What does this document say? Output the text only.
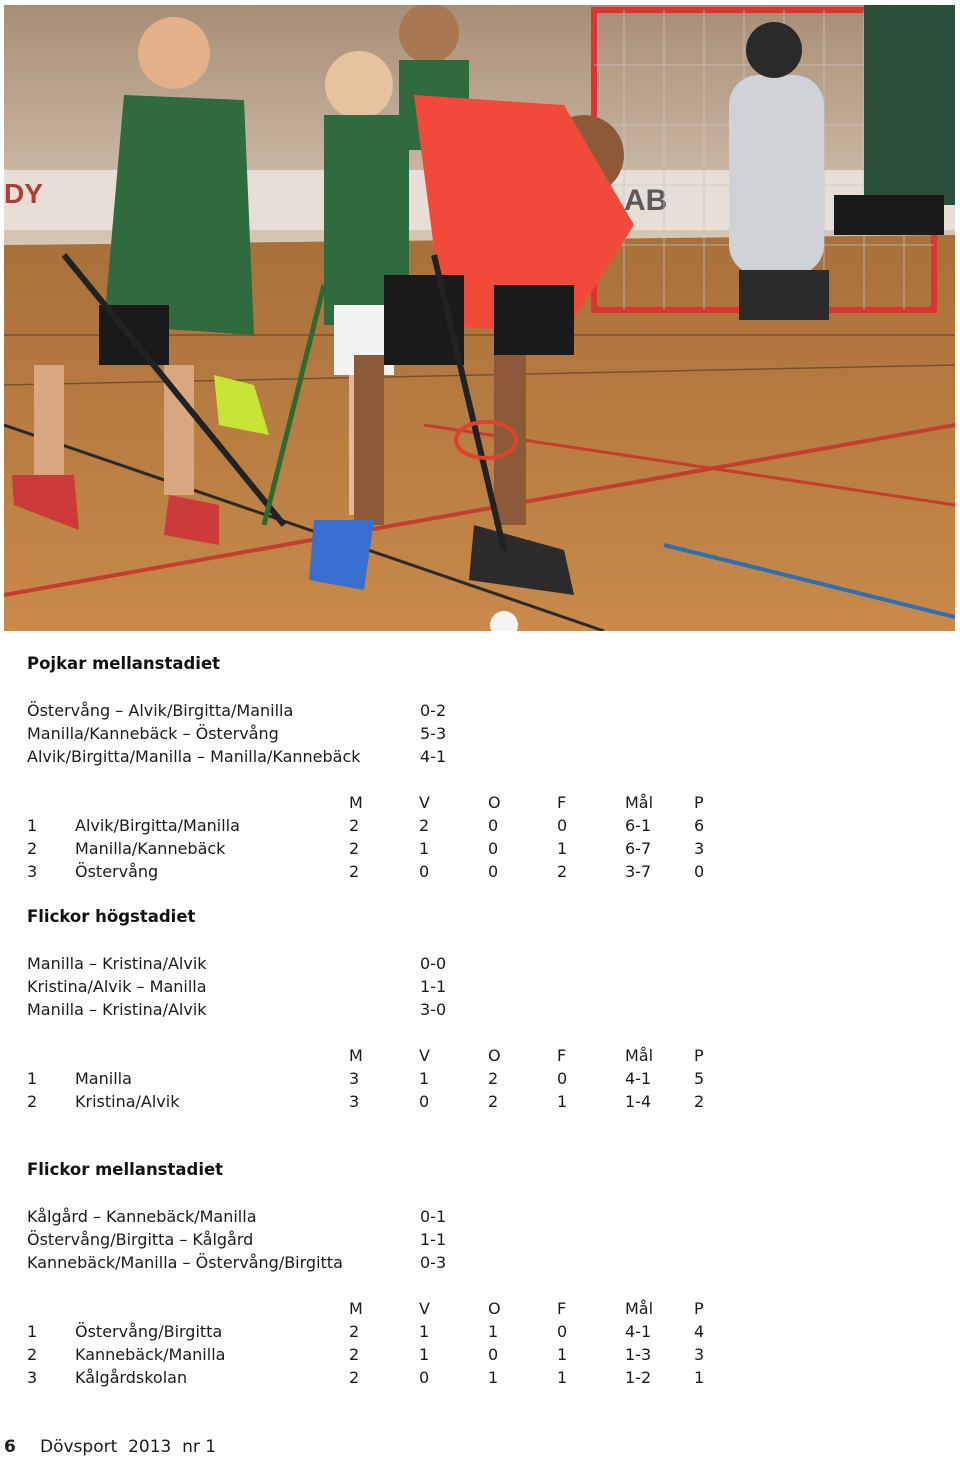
DY	AB
Pojkar mellanstadiet
Östervång – Alvik/Birgitta/Manilla	0-2
Manilla/Kannebäck – Östervång	5-3
Alvik/Birgitta/Manilla – Manilla/Kannebäck	4-1
M	V	O	F	Mål	P
1 Alvik/Birgitta/Manilla	2	2	0	0	6-1	6
2 Manilla/Kannebäck	2	1	0	1	6-7	3
3 Östervång	2	0	0	2	3-7	0
Flickor högstadiet
Manilla – Kristina/Alvik	0-0
Kristina/Alvik – Manilla	1-1
Manilla – Kristina/Alvik	3-0
M	V	O	F	Mål	P
1 Manilla	3	1	2	0	4-1	5
2 Kristina/Alvik	3	0	2	1	1-4	2
Flickor mellanstadiet
Kålgård – Kannebäck/Manilla	0-1
Östervång/Birgitta – Kålgård	1-1
Kannebäck/Manilla – Östervång/Birgitta	0-3
M	V	O	F	Mål	P
1 Östervång/Birgitta	2	1	1	0	4-1	4
2 Kannebäck/Manilla	2	1	0	1	1-3	3
3 Kålgårdskolan	2	0	1	1	1-2	1
6 Dövsport  2013  nr 1
